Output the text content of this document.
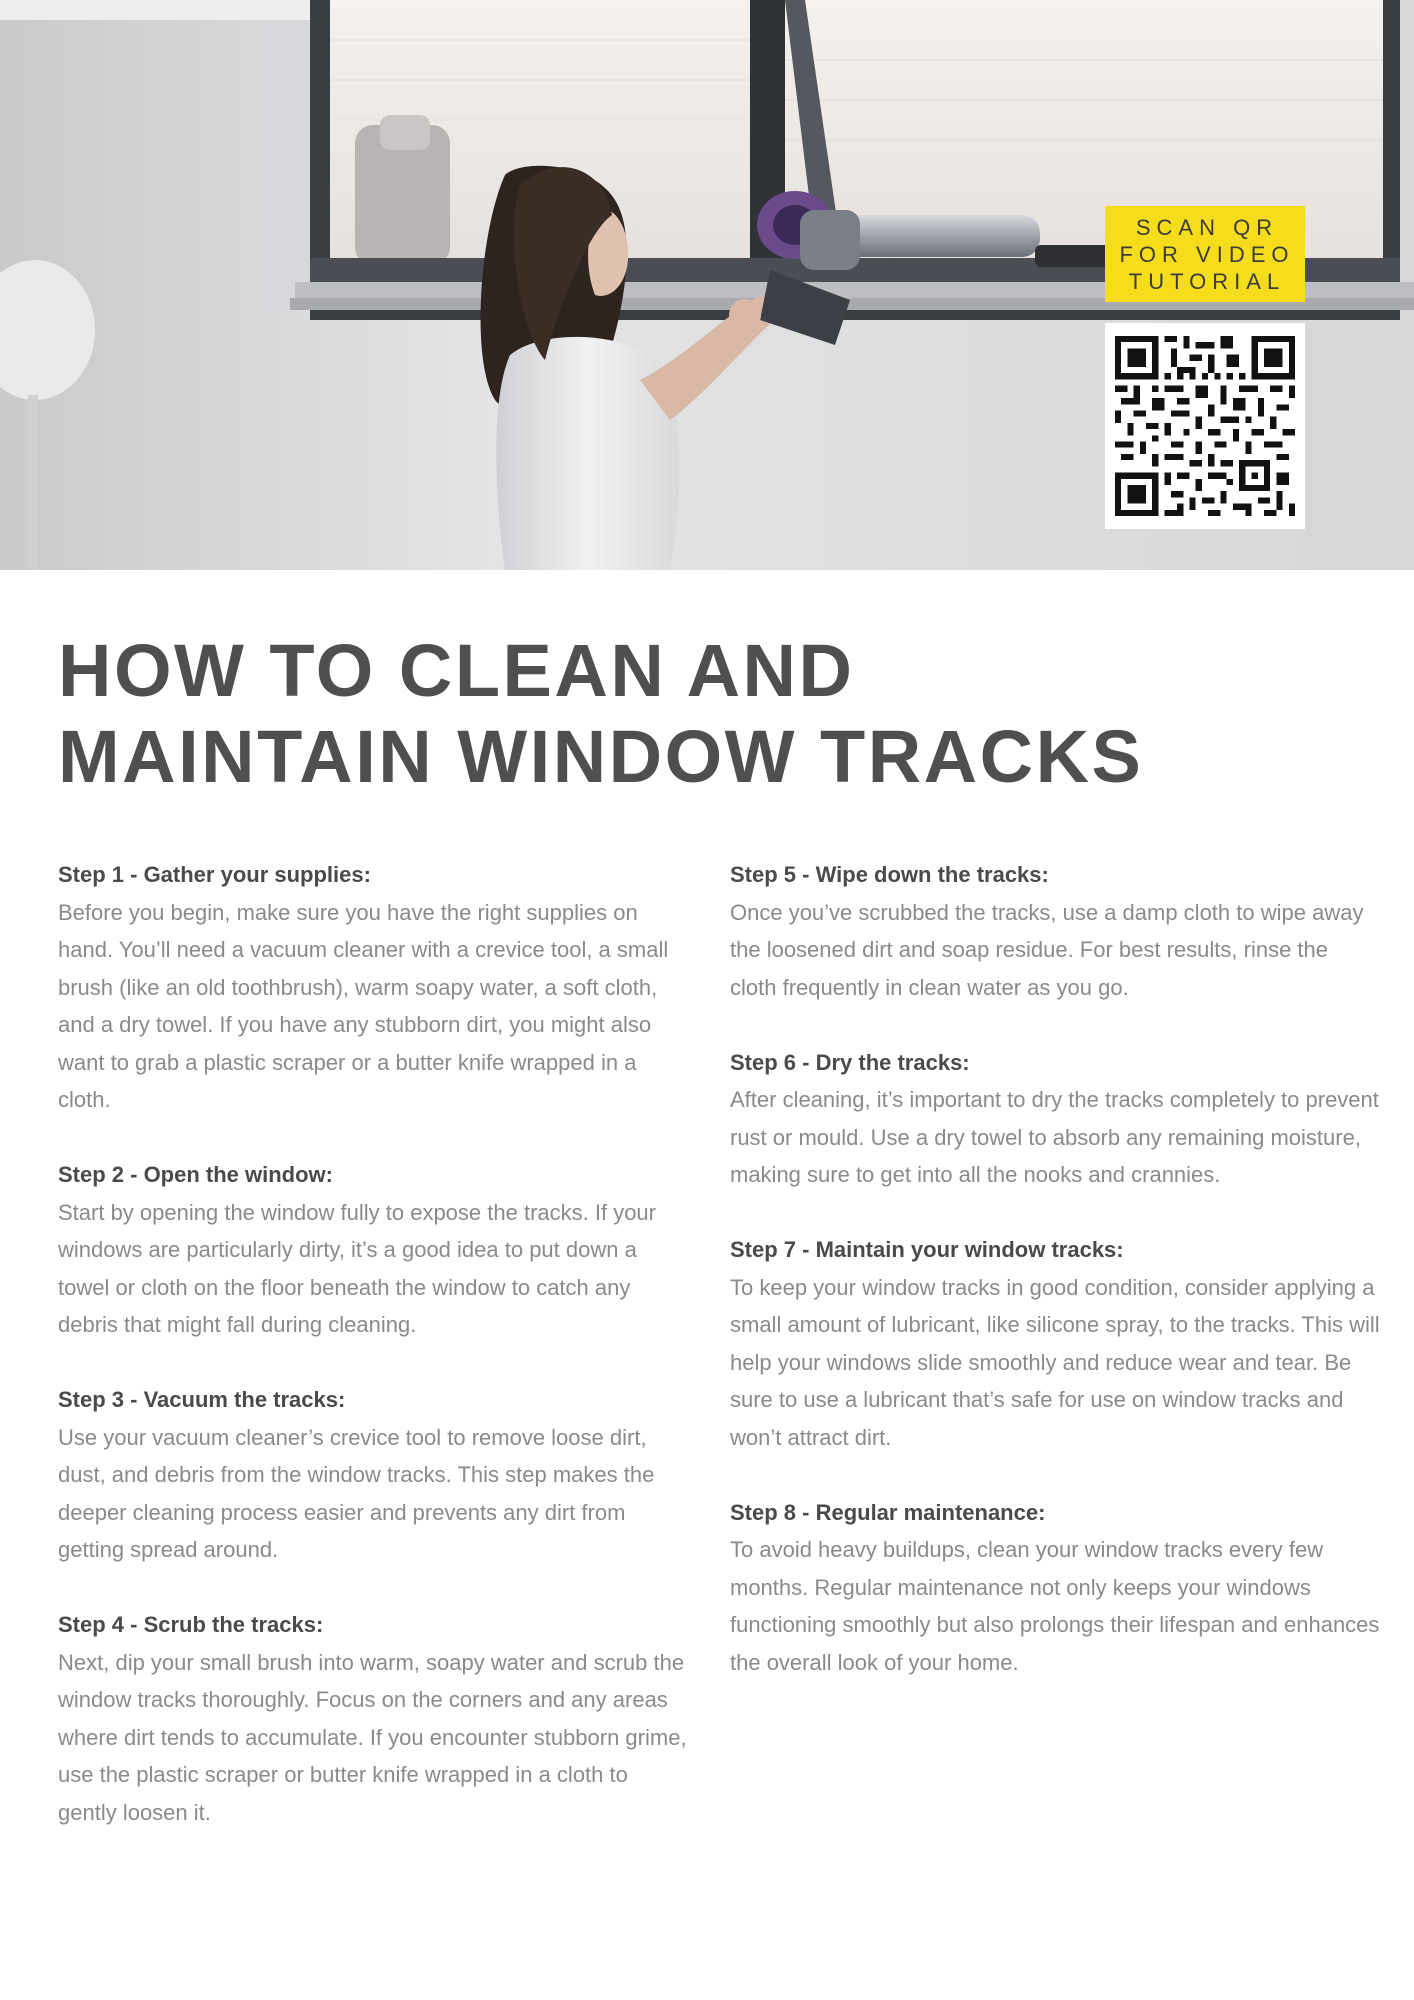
SCAN QR
FOR VIDEO
TUTORIAL
HOW TO CLEAN AND
MAINTAIN WINDOW TRACKS

Step 1 - Gather your supplies:

Before you begin, make sure you have the right supplies on hand. You’ll need a vacuum cleaner with a crevice tool, a small brush (like an old toothbrush), warm soapy water, a soft cloth, and a dry towel. If you have any stubborn dirt, you might also want to grab a plastic scraper or a butter knife wrapped in a cloth.

Step 2 - Open the window:

Start by opening the window fully to expose the tracks. If your windows are particularly dirty, it’s a good idea to put down a towel or cloth on the floor beneath the window to catch any debris that might fall during cleaning.

Step 3 - Vacuum the tracks:

Use your vacuum cleaner’s crevice tool to remove loose dirt, dust, and debris from the window tracks. This step makes the deeper cleaning process easier and prevents any dirt from getting spread around.

Step 4 - Scrub the tracks:

Next, dip your small brush into warm, soapy water and scrub the window tracks thoroughly. Focus on the corners and any areas where dirt tends to accumulate. If you encounter stubborn grime, use the plastic scraper or butter knife wrapped in a cloth to gently loosen it.

Step 5 - Wipe down the tracks:

Once you’ve scrubbed the tracks, use a damp cloth to wipe away the loosened dirt and soap residue. For best results, rinse the cloth frequently in clean water as you go.

Step 6 - Dry the tracks:

After cleaning, it’s important to dry the tracks completely to prevent rust or mould. Use a dry towel to absorb any remaining moisture, making sure to get into all the nooks and crannies.

Step 7 - Maintain your window tracks:

To keep your window tracks in good condition, consider applying a small amount of lubricant, like silicone spray, to the tracks. This will help your windows slide smoothly and reduce wear and tear. Be sure to use a lubricant that’s safe for use on window tracks and won’t attract dirt.

Step 8 - Regular maintenance:

To avoid heavy buildups, clean your window tracks every few months. Regular maintenance not only keeps your windows functioning smoothly but also prolongs their lifespan and enhances the overall look of your home.
